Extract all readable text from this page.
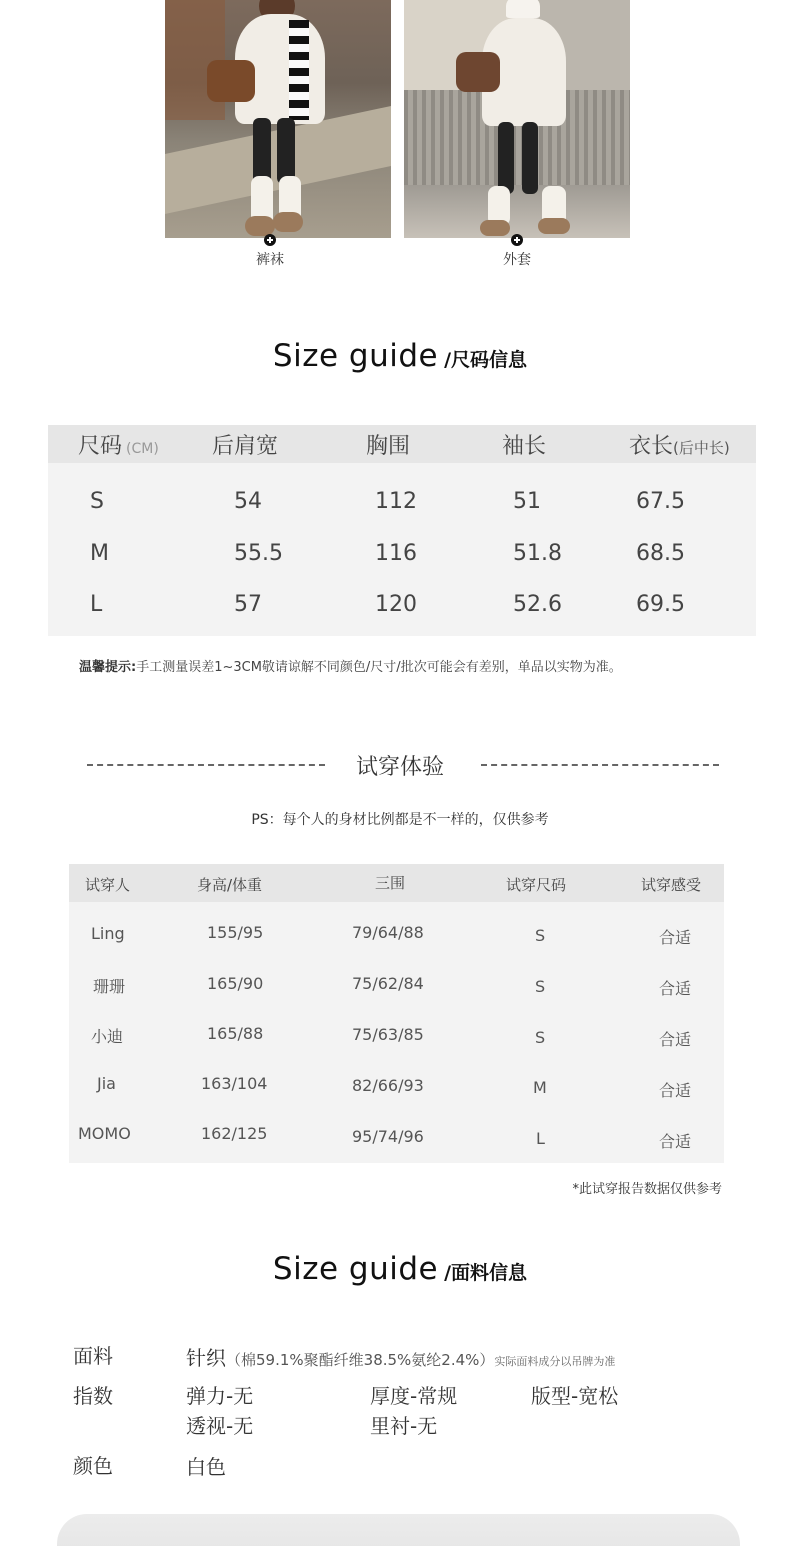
裤袜	外套
Size guide /尺码信息
尺码 (CM) 后肩宽	胸围	袖长	衣长(后中长)
S	54	112	51	67.5
M	55.5	116	51.8	68.5
L	57	120	52.6	69.5
温馨提示:手工测量误差1~3CM敬请谅解不同颜色/尺寸/批次可能会有差别，单品以实物为准。
试穿体验
PS：每个人的身材比例都是不一样的，仅供参考
试穿人	身高/体重	三围	试穿尺码	试穿感受
Ling	155/95	79/64/88	S	合适
珊珊	165/90	75/62/84	S	合适
小迪	165/88	75/63/85	S	合适
Jia	163/104	82/66/93	M	合适
MOMO	162/125	95/74/96	L	合适
*此试穿报告数据仅供参考
Size guide /面料信息
面料	针织（棉59.1%聚酯纤维38.5%氨纶2.4%）实际面料成分以吊牌为准
指数	弹力-无	厚度-常规	版型-宽松
透视-无	里衬-无
颜色	白色
